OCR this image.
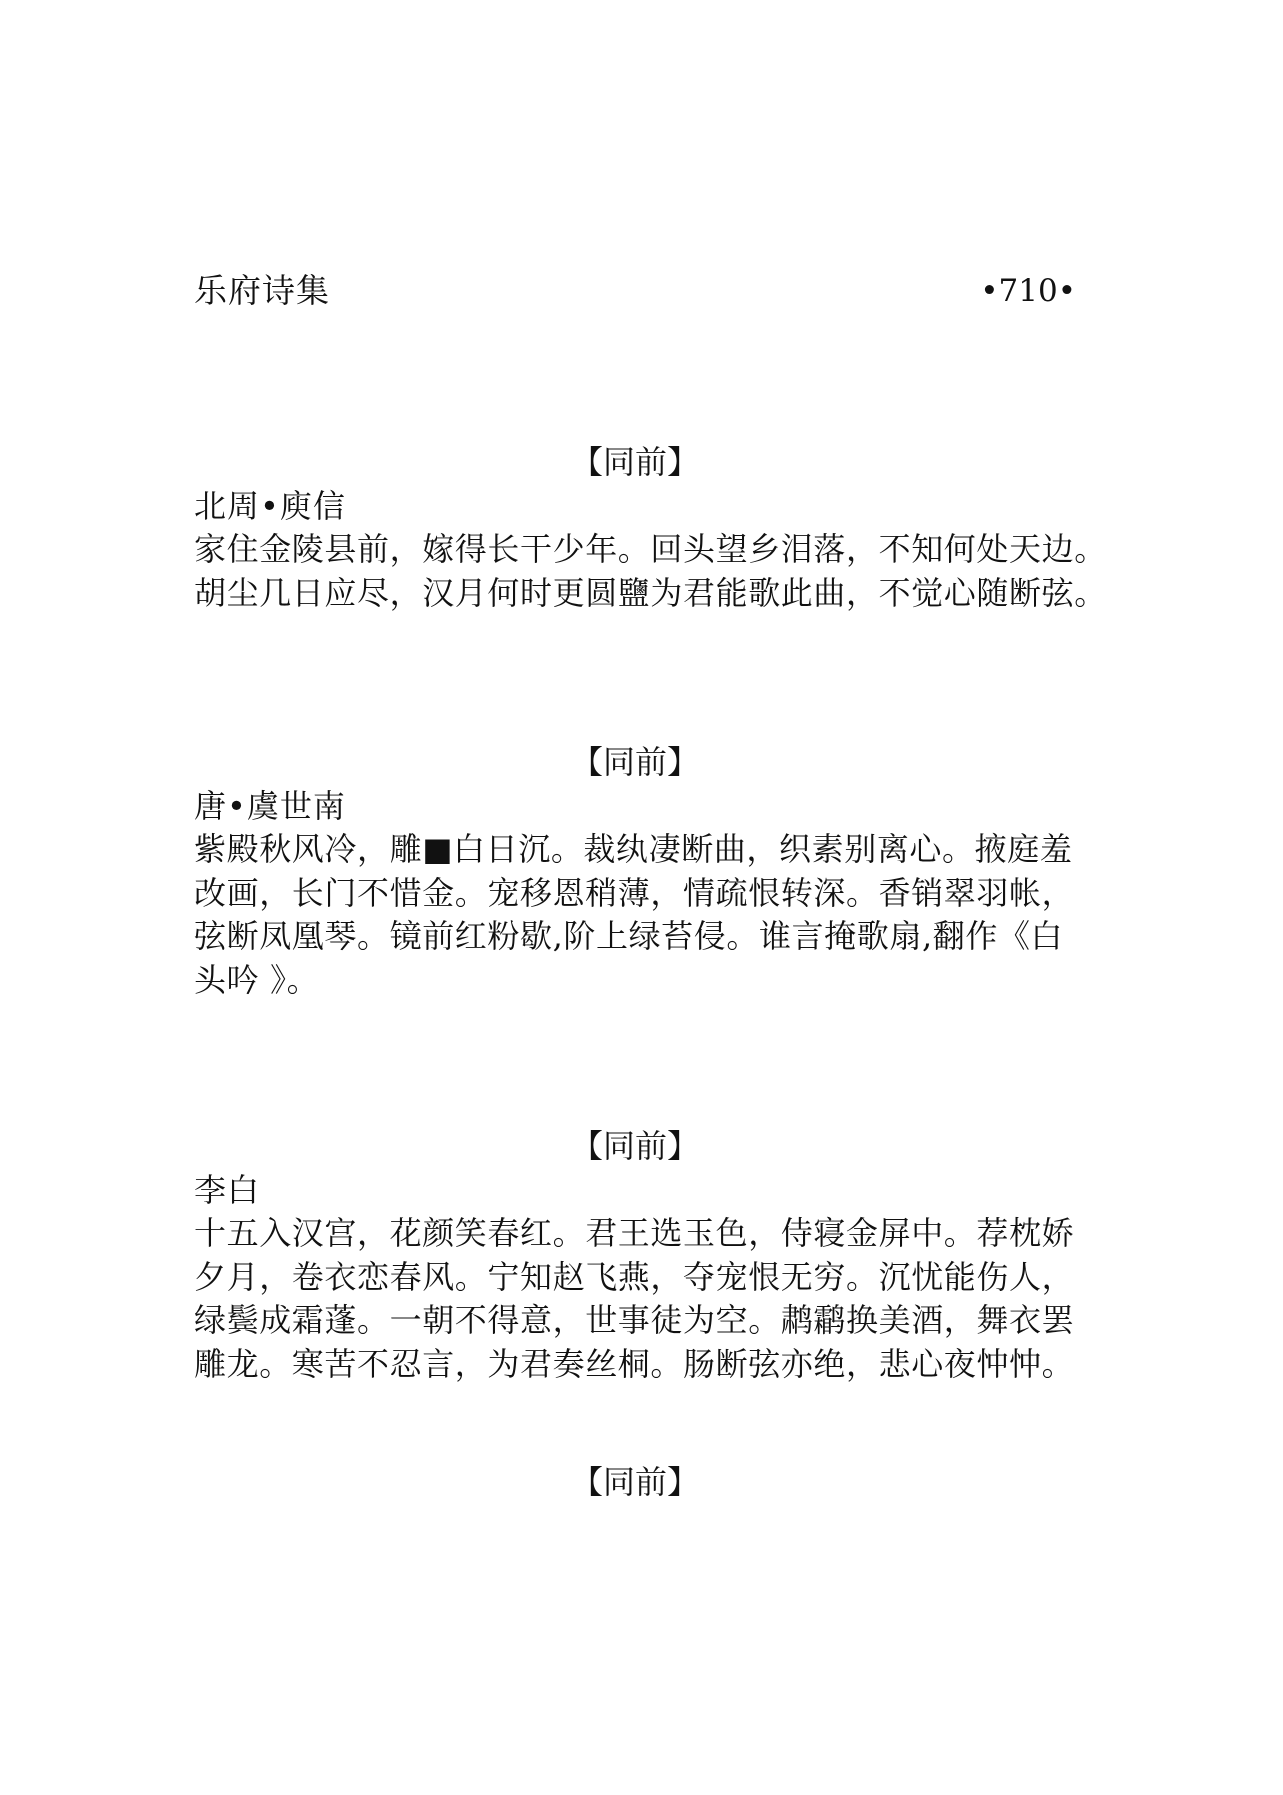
乐府诗集	•710•

【同前】

北周•庾信

家住金陵县前，嫁得长干少年。回头望乡泪落，不知何处天边。

胡尘几日应尽，汉月何时更圆鹽为君能歌此曲，不觉心随断弦。

【同前】

唐•虞世南

紫殿秋风冷，雕■白日沉。裁纨凄断曲，织素别离心。掖庭羞

改画，长门不惜金。宠移恩稍薄，情疏恨转深。香销翠羽帐，

弦断凤凰琴。镜前红粉歇,阶上绿苔侵。谁言掩歌扇,翻作《白

头吟 》。

【同前】

李白

十五入汉宫，花颜笑春红。君王选玉色，侍寝金屏中。荐枕娇

夕月，卷衣恋春风。宁知赵飞燕，夺宠恨无穷。沉忧能伤人，

绿鬓成霜蓬。一朝不得意，世事徒为空。鹔鹴换美酒，舞衣罢

雕龙。寒苦不忍言，为君奏丝桐。肠断弦亦绝，悲心夜忡忡。

【同前】
